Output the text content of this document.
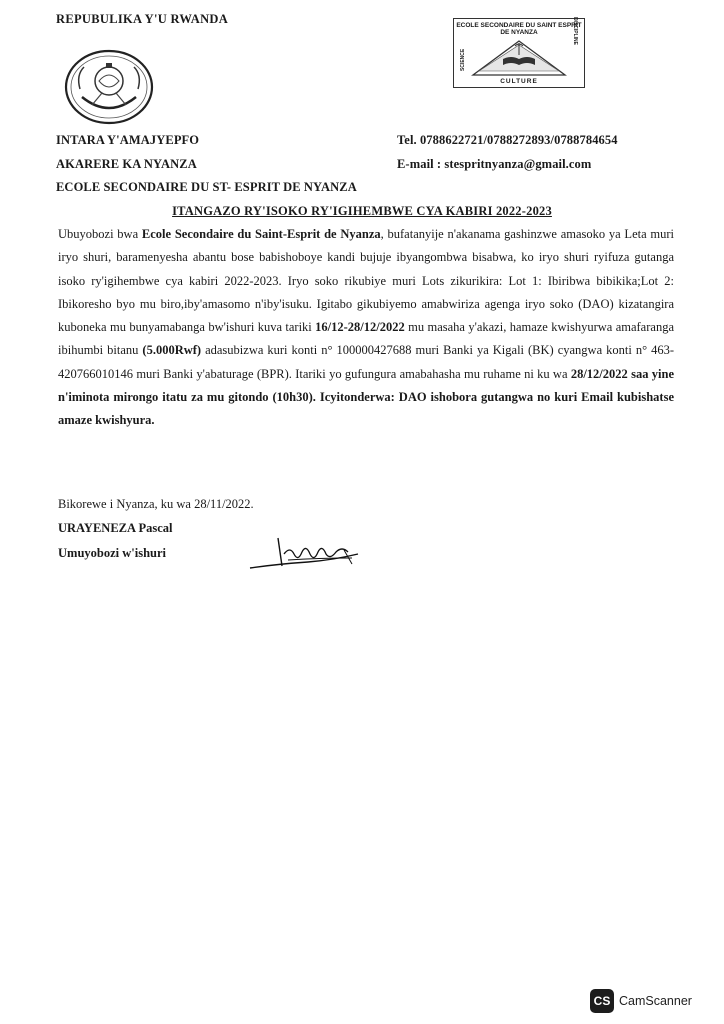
REPUBULIKA Y'U RWANDA	ECOLE SECONDAIRE DU SAINT ESPRIT DE NYANZA
SCIENCE
DISCIPLINE
CULTURE
INTARA Y'AMAJYEPFO
AKARERE KA NYANZA
ECOLE SECONDAIRE DU ST- ESPRIT DE NYANZA
Tel. 0788622721/0788272893/0788784654
E-mail : stespritnyanza@gmail.com
ITANGAZO RY'ISOKO RY'IGIHEMBWE CYA KABIRI 2022-2023
Ubuyobozi bwa Ecole Secondaire du Saint-Esprit de Nyanza, bufatanyije n'akanama gashinzwe amasoko ya Leta muri iryo shuri, baramenyesha abantu bose babishoboye kandi bujuje ibyangombwa bisabwa, ko iryo shuri ryifuza gutanga isoko ry'igihembwe cya kabiri 2022-2023. Iryo soko rikubiye muri Lots zikurikira: Lot 1: Ibiribwa bibikika;Lot 2: Ibikoresho byo mu biro,iby'amasomo n'iby'isuku. Igitabo gikubiyemo amabwiriza agenga iryo soko (DAO) kizatangira kuboneka mu bunyamabanga bw'ishuri kuva tariki 16/12-28/12/2022 mu masaha y'akazi, hamaze kwishyurwa amafaranga ibihumbi bitanu (5.000Rwf) adasubizwa kuri konti n° 100000427688 muri Banki ya Kigali (BK) cyangwa konti n° 463-420766010146 muri Banki y'abaturage (BPR). Itariki yo gufungura amabahasha mu ruhame ni ku wa 28/12/2022 saa yine n'iminota mirongo itatu za mu gitondo (10h30). Icyitonderwa: DAO ishobora gutangwa no kuri Email kubishatse amaze kwishyura.
Bikorewe i Nyanza, ku wa 28/11/2022.
URAYENEZA Pascal
Umuyobozi w'ishuri
CS CamScanner
